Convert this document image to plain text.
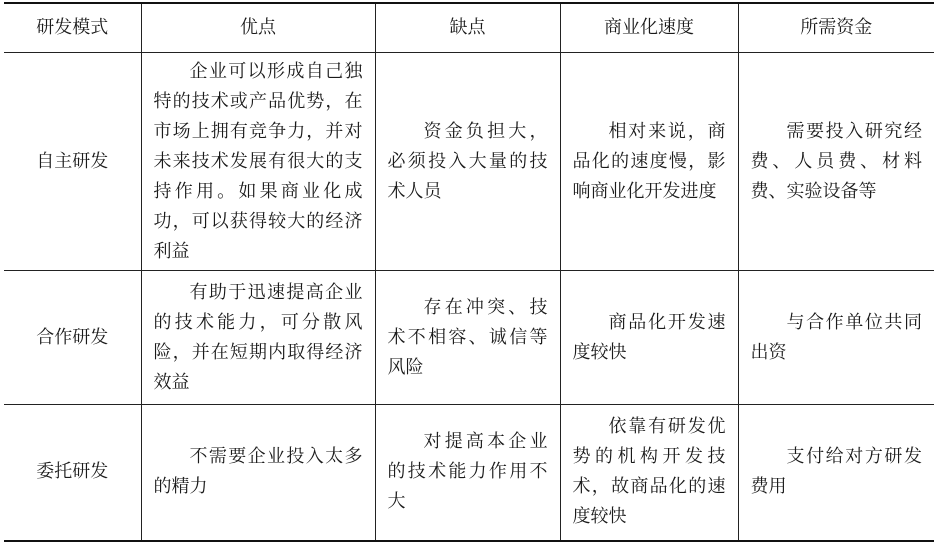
研发模式	优点	缺点	商业化速度	所需资金
自主研发	企业可以形成自己独特的技术或产品优势，在市场上拥有竞争力，并对未来技术发展有很大的支持作用。如果商业化成功，可以获得较大的经济利益	资金负担大，必须投入大量的技术人员	相对来说，商品化的速度慢，影响商业化开发进度	需要投入研究经费、人员费、材料费、实验设备等
合作研发	有助于迅速提高企业的技术能力，可分散风险，并在短期内取得经济效益	存在冲突、技术不相容、诚信等风险	商品化开发速度较快	与合作单位共同出资
委托研发	不需要企业投入太多的精力	对提高本企业的技术能力作用不大	依靠有研发优势的机构开发技术，故商品化的速度较快	支付给对方研发费用
